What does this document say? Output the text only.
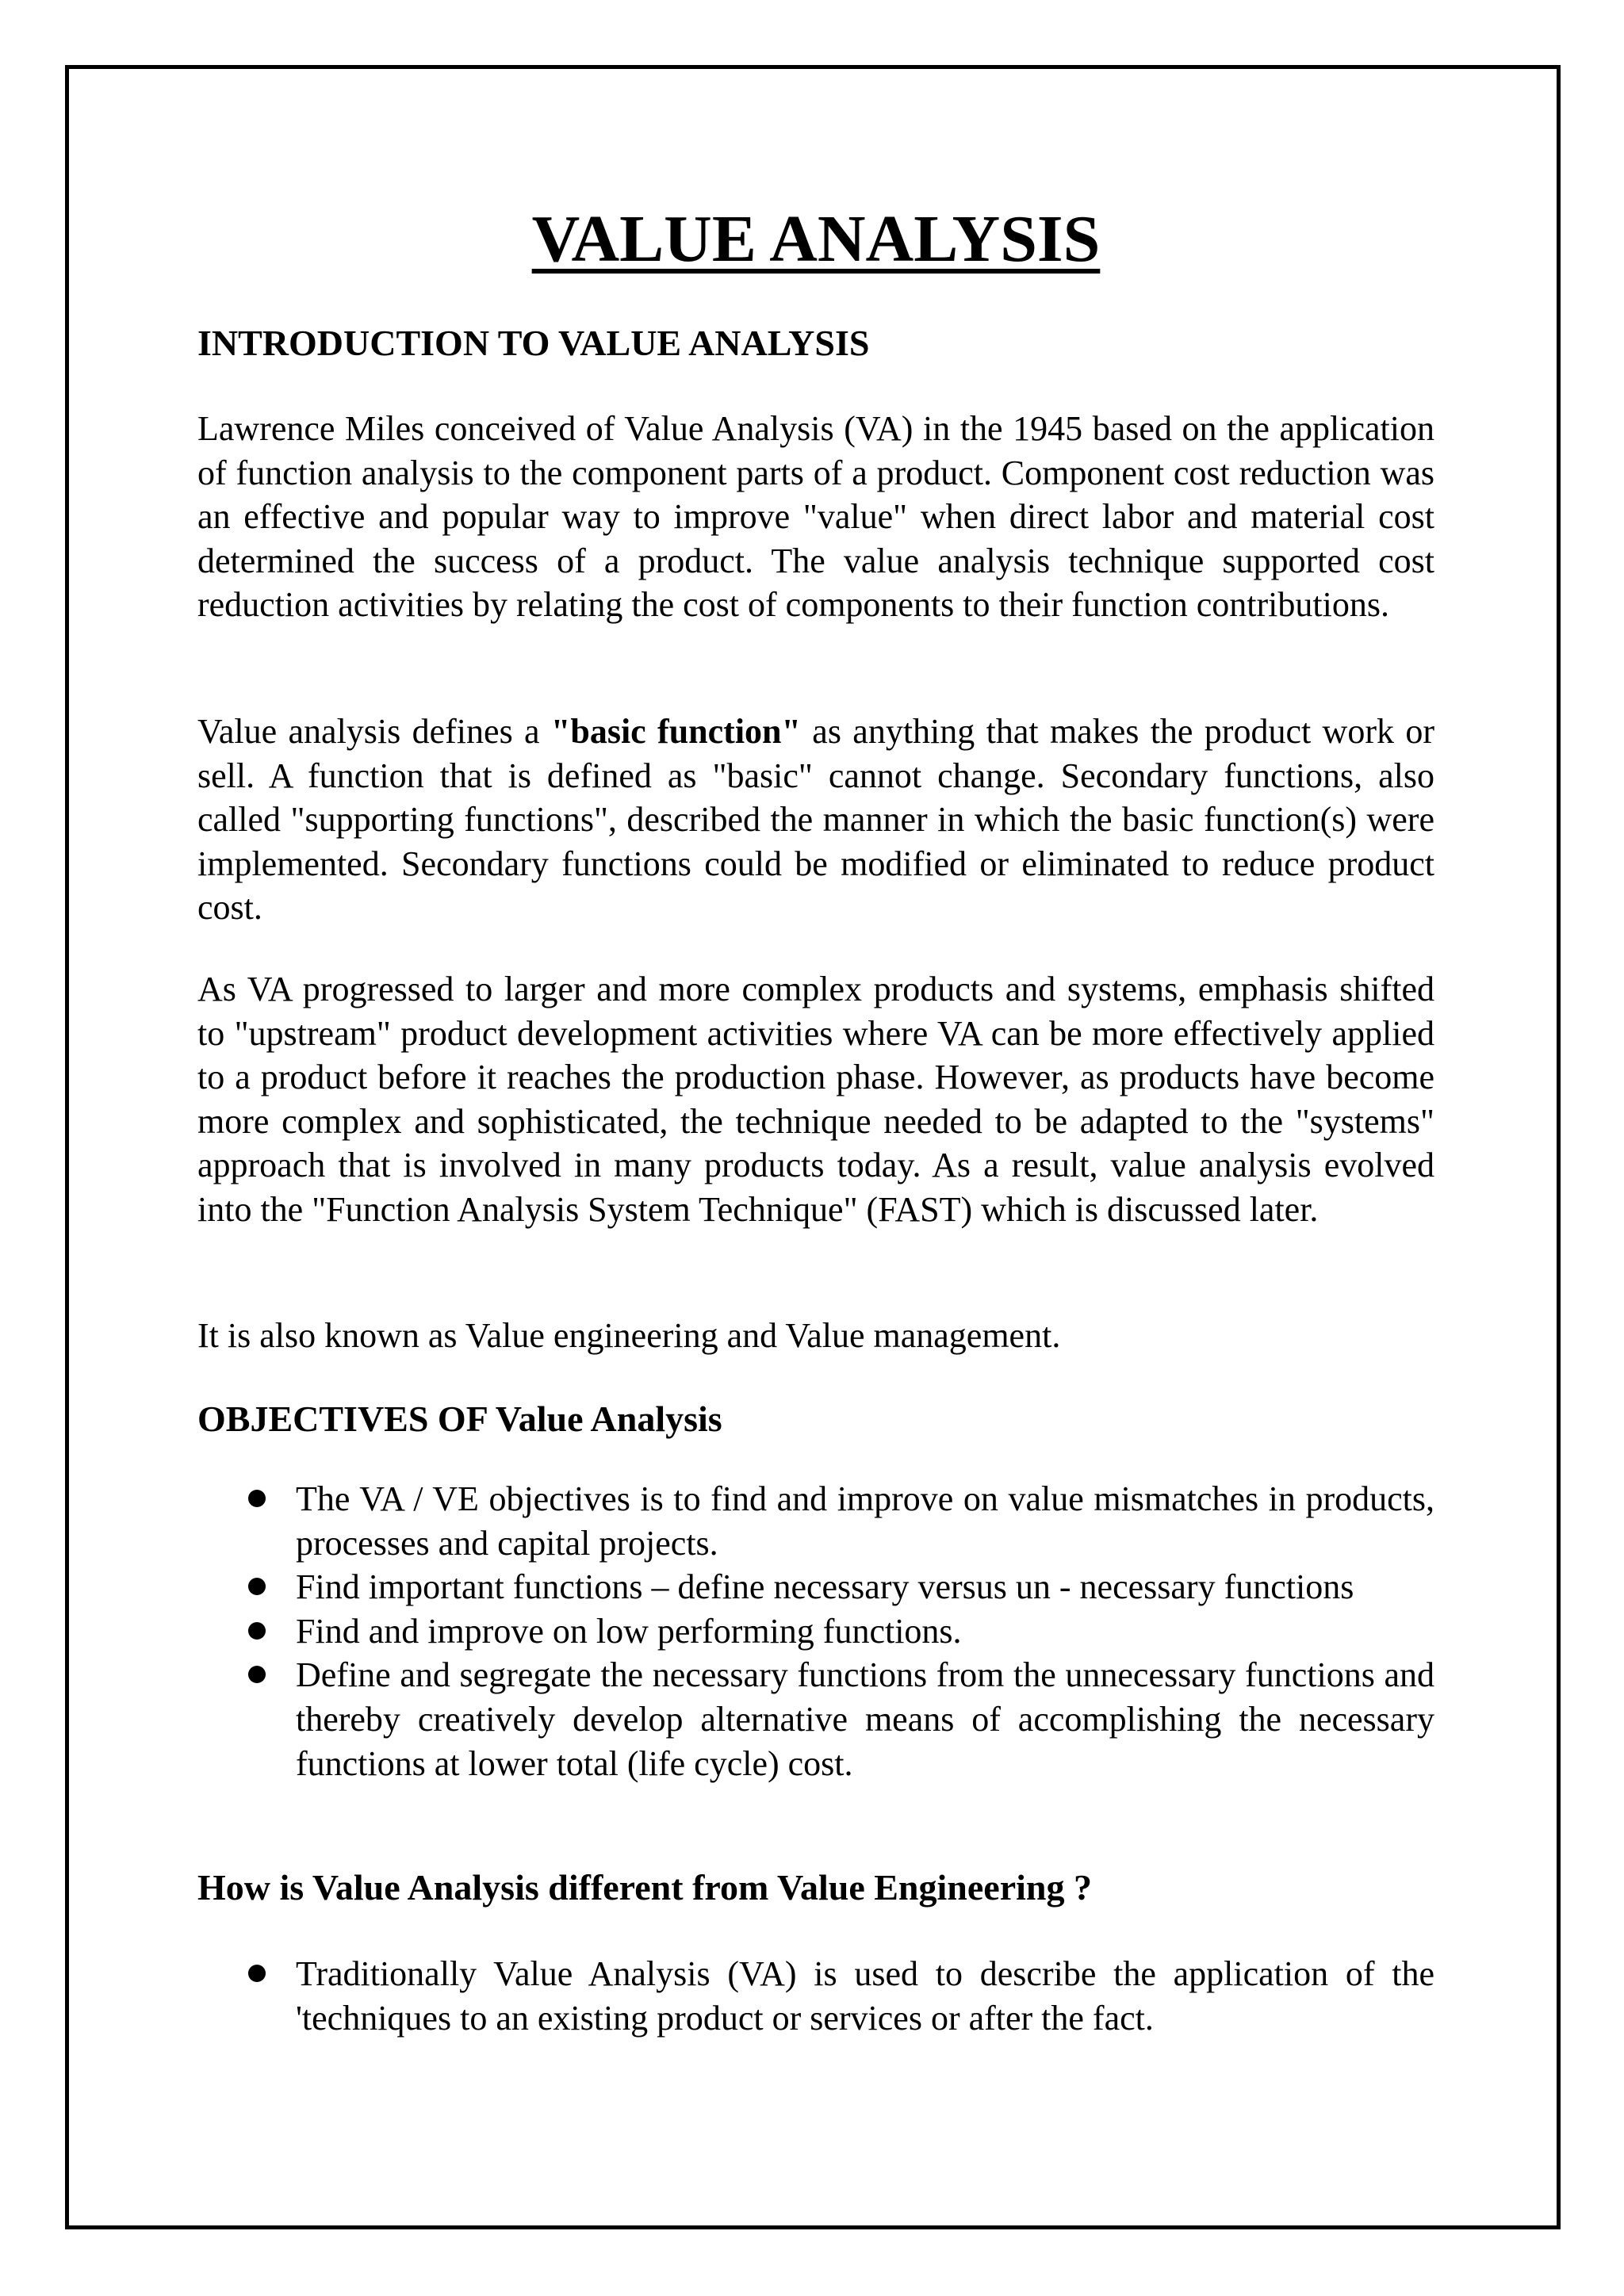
VALUE ANALYSIS
INTRODUCTION TO VALUE ANALYSIS

Lawrence Miles conceived of Value Analysis (VA) in the 1945 based on the application of function analysis to the component parts of a product. Component cost reduction was an effective and popular way to improve "value" when direct labor and material cost determined the success of a product. The value analysis technique supported cost reduction activities by relating the cost of components to their function contributions.

Value analysis defines a "basic function" as anything that makes the product work or sell. A function that is defined as "basic" cannot change. Secondary functions, also called "supporting functions", described the manner in which the basic function(s) were implemented. Secondary functions could be modified or eliminated to reduce product cost.

As VA progressed to larger and more complex products and systems, emphasis shifted to "upstream" product development activities where VA can be more effectively applied to a product before it reaches the production phase. However, as products have become more complex and sophisticated, the technique needed to be adapted to the "systems" approach that is involved in many products today. As a result, value analysis evolved into the "Function Analysis System Technique" (FAST) which is discussed later.

It is also known as Value engineering and Value management.

OBJECTIVES OF Value Analysis
The VA / VE objectives is to find and improve on value mismatches in products, processes and capital projects.
Find important functions – define necessary versus un - necessary functions
Find and improve on low performing functions.
Define and segregate the necessary functions from the unnecessary functions and thereby creatively develop alternative means of accomplishing the necessary functions at lower total (life cycle) cost.
How is Value Analysis different from Value Engineering ?
Traditionally Value Analysis (VA) is used to describe the application of the 'techniques to an existing product or services or after the fact.
